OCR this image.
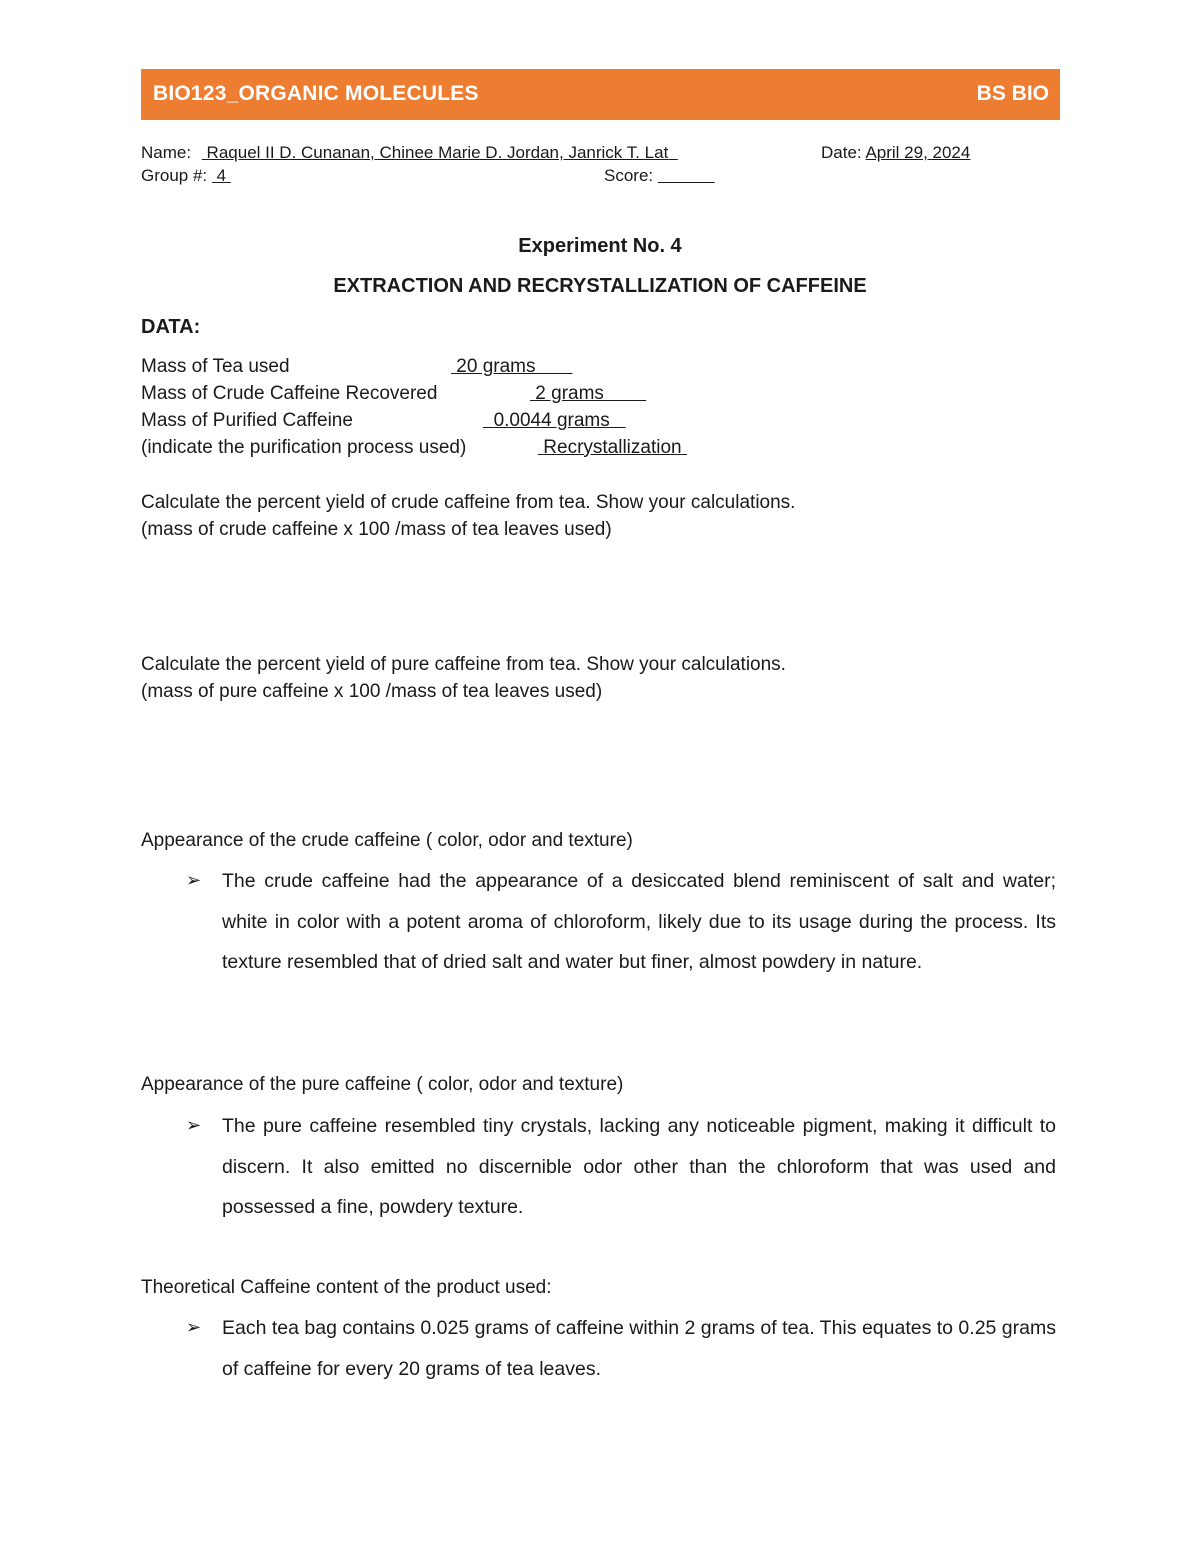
BIO123_ORGANIC MOLECULES	BS BIO
Name: Raquel II D. Cunanan, Chinee Marie D. Jordan, Janrick T. Lat	Date: April 29, 2024
Group #: 4	Score:
Experiment No. 4
EXTRACTION AND RECRYSTALLIZATION OF CAFFEINE
DATA:
Mass of Tea used	20 grams
Mass of Crude Caffeine Recovered	2 grams
Mass of Purified Caffeine	0.0044 grams
(indicate the purification process used)	Recrystallization
Calculate the percent yield of crude caffeine from tea. Show your calculations.
(mass of crude caffeine x 100 /mass of tea leaves used)
Calculate the percent yield of pure caffeine from tea. Show your calculations.
(mass of pure caffeine x 100 /mass of tea leaves used)
Appearance of the crude caffeine ( color, odor and texture)
➢ The crude caffeine had the appearance of a desiccated blend reminiscent of salt and water; white in color with a potent aroma of chloroform, likely due to its usage during the process. Its texture resembled that of dried salt and water but finer, almost powdery in nature.
Appearance of the pure caffeine ( color, odor and texture)
➢ The pure caffeine resembled tiny crystals, lacking any noticeable pigment, making it difficult to discern. It also emitted no discernible odor other than the chloroform that was used and possessed a fine, powdery texture.
Theoretical Caffeine content of the product used:
➢ Each tea bag contains 0.025 grams of caffeine within 2 grams of tea. This equates to 0.25 grams of caffeine for every 20 grams of tea leaves.
